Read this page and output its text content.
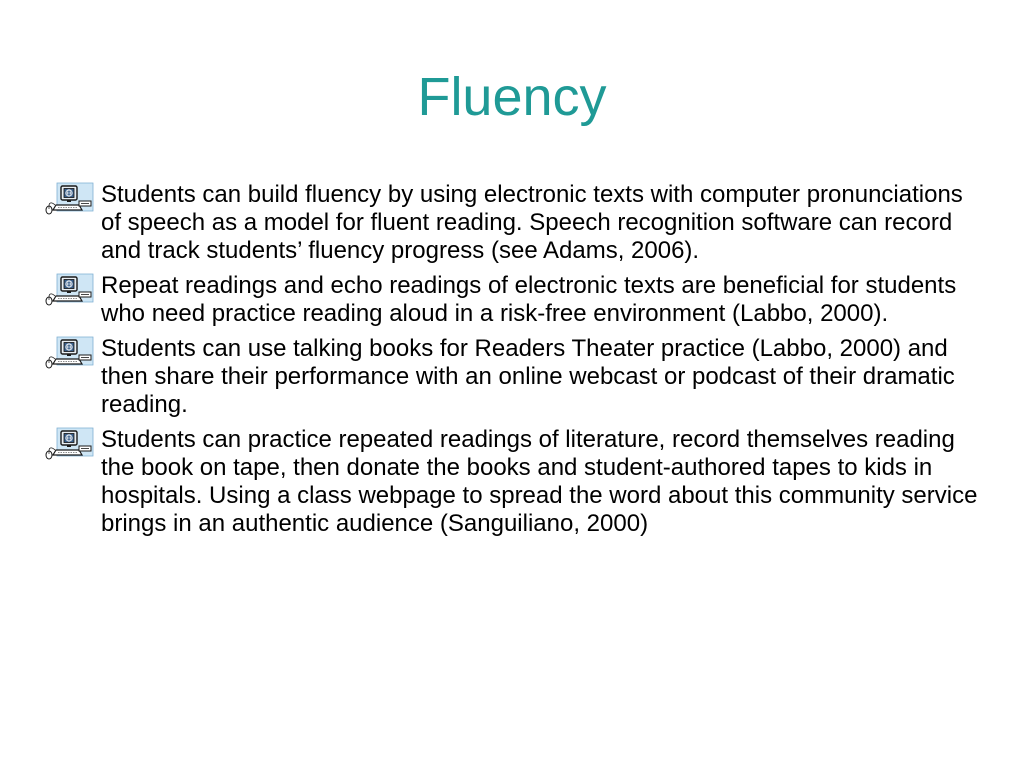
Fluency
Students can build fluency by using electronic texts with computer pronunciations of speech as a model for fluent reading. Speech recognition software can record and track students’ fluency progress (see Adams, 2006).
Repeat readings and echo readings of electronic texts are beneficial for students who need practice reading aloud in a risk-free environment (Labbo, 2000).
Students can use talking books for Readers Theater practice (Labbo, 2000) and then share their performance with an online webcast or podcast of their dramatic reading.
Students can practice repeated readings of literature, record themselves reading the book on tape, then donate the books and student-authored tapes to kids in hospitals. Using a class webpage to spread the word about this community service brings in an authentic audience (Sanguiliano, 2000)
